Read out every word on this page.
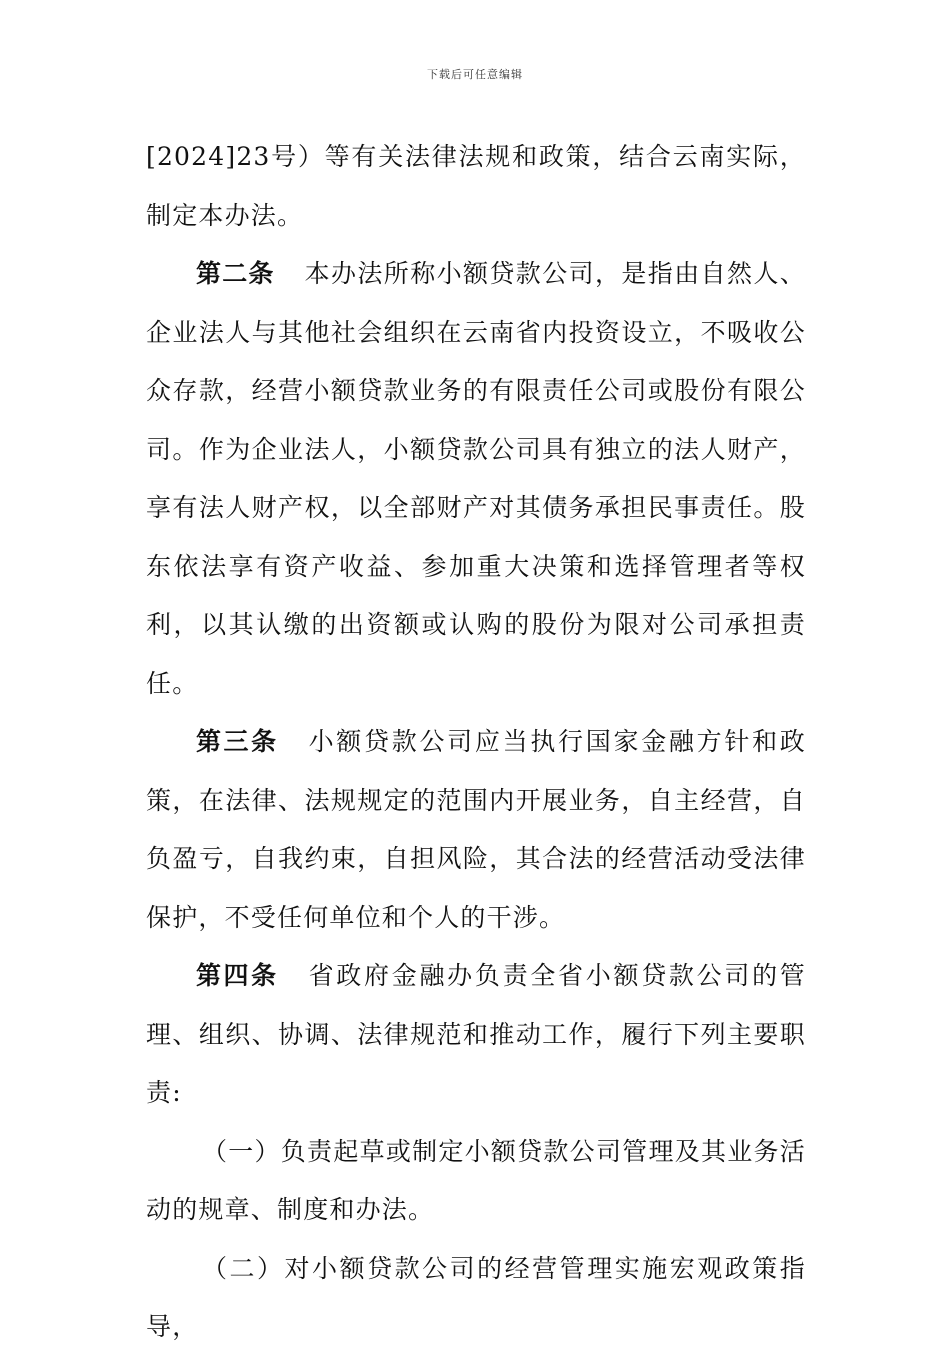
下载后可任意编辑

[2024]23号）等有关法律法规和政策，结合云南实际，制定本办法。

第二条 本办法所称小额贷款公司，是指由自然人、企业法人与其他社会组织在云南省内投资设立，不吸收公众存款，经营小额贷款业务的有限责任公司或股份有限公司。作为企业法人，小额贷款公司具有独立的法人财产，享有法人财产权，以全部财产对其债务承担民事责任。股东依法享有资产收益、参加重大决策和选择管理者等权利，以其认缴的出资额或认购的股份为限对公司承担责任。

第三条 小额贷款公司应当执行国家金融方针和政策，在法律、法规规定的范围内开展业务，自主经营，自负盈亏，自我约束，自担风险，其合法的经营活动受法律保护，不受任何单位和个人的干涉。

第四条 省政府金融办负责全省小额贷款公司的管理、组织、协调、法律规范和推动工作，履行下列主要职责:

（一）负责起草或制定小额贷款公司管理及其业务活动的规章、制度和办法。

（二）对小额贷款公司的经营管理实施宏观政策指导，
